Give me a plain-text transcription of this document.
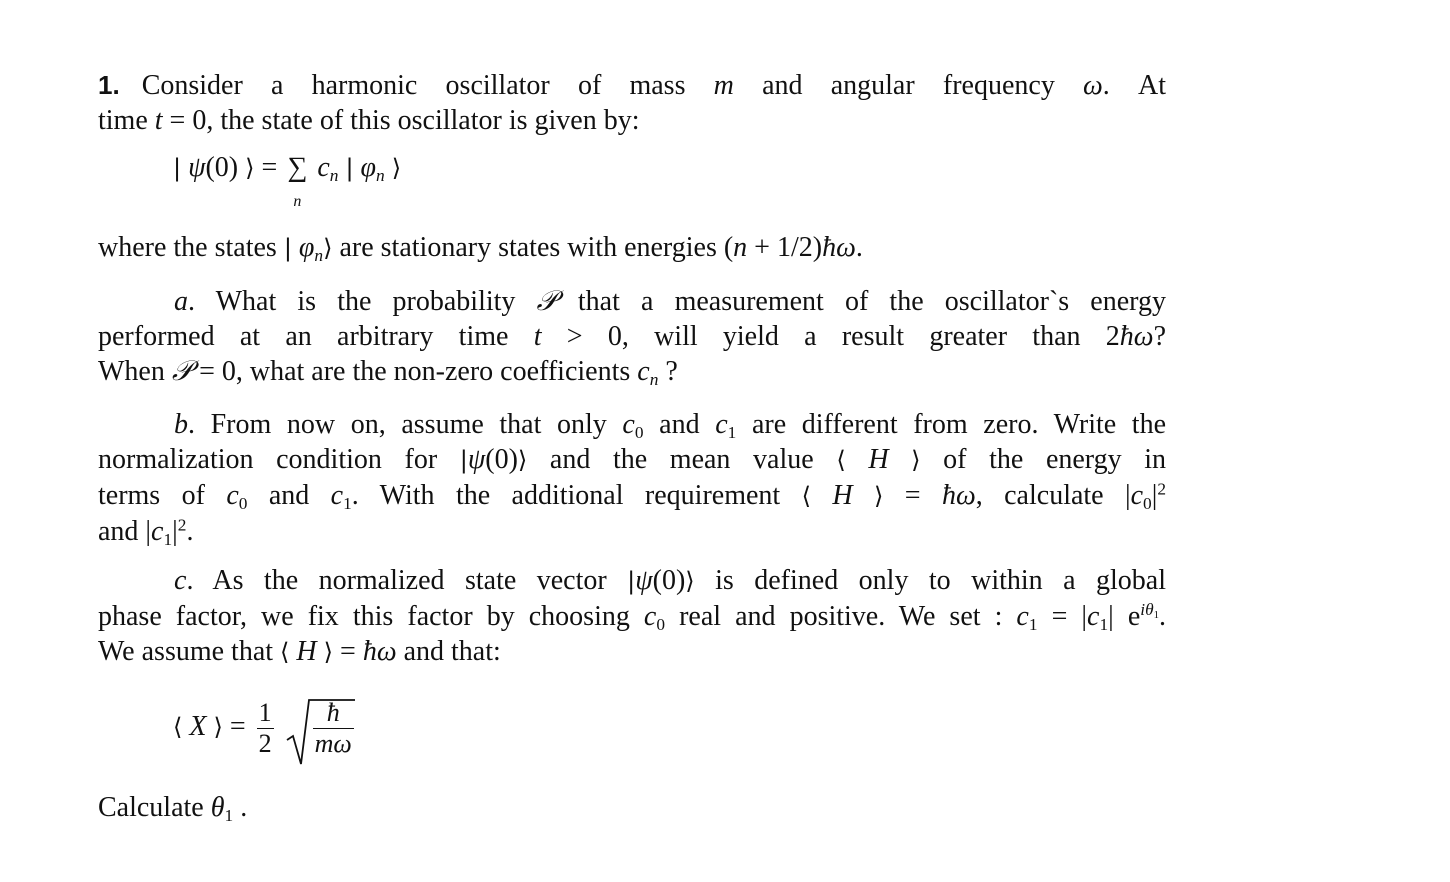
1. Consider a harmonic oscillator of mass m and angular frequency ω. At
time t = 0, the state of this oscillator is given by:
| ψ(0) ⟩ = ∑
n
$c_n$ | $\varphi_n$ ⟩
where the states | $\varphi_n⟩$ are stationary states with energies (n + 1/2)ħω.
a. What is the probability 𝒫 that a measurement of the oscillator`s energy
performed at an arbitrary time t > 0, will yield a result greater than 2ħω?
When 𝒫 = 0, what are the non-zero coefficients $c_n$ ?
b. From now on, assume that only $c_0$ and $c_1$ are different from zero. Write the
normalization condition for |ψ(0)⟩ and the mean value ⟨ H ⟩ of the energy in
terms of $c_0$ and $c_1$. With the additional requirement ⟨ H ⟩ = ħω, calculate $|c_0|^2$
and $|c_1|^2$.
c. As the normalized state vector |ψ(0)⟩ is defined only to within a global
phase factor, we fix this factor by choosing $c_0$ real and positive. We set : $c_1 = |c_1|$ $e^{i\theta_1}$.
We assume that ⟨ H ⟩ = ħω and that:
⟨ X ⟩ = $\frac{1}{2}$
$\frac{ħ}{m\omega}$
Calculate $\theta_1$ .
